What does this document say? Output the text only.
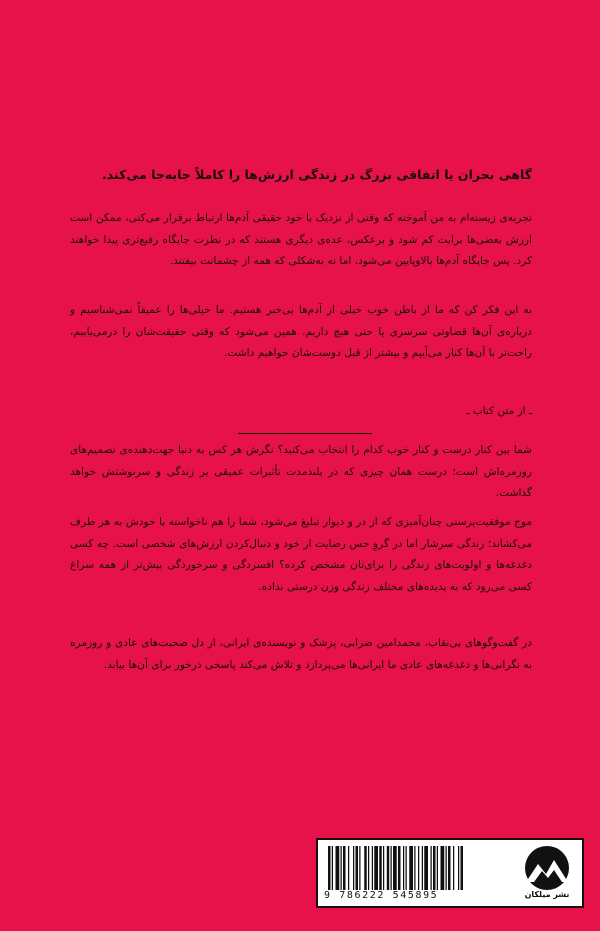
گاهی بحران یا اتفاقی بزرگ در زندگی ارزش‌ها را کاملاً جابه‌جا می‌کند.
تجربه‌ی زیسته‌ام به من آموخته که وقتی از نزدیک با خود حقیقی آدم‌ها ارتباط برقرار می‌کنی، ممکن است ارزش بعضی‌ها برایت کم شود و برعکس، عده‌ی دیگری هستند که در نظرت جایگاه رفیع‌تری پیدا خواهند کرد. پس جایگاه آدم‌ها بالا‌وپایین می‌شود، اما نه به‌شکلی که همه از چشمانت بیفتند.
به این فکر کن که ما از باطن خوب خیلی از آدم‌ها بی‌خبر هستیم. ما خیلی‌ها را عمیقاً نمی‌شناسیم و درباره‌ی آن‌ها قضاوتی سرسری یا حتی هیچ داریم. همین می‌شود که وقتی حقیقت‌شان را درمی‌یابیم، راحت‌تر با آن‌ها کنار می‌آییم و بیشتر از قبل دوست‌شان خواهیم داشت.
ـ از متن کتاب ـ
شما بین کنار درست و کنار خوب کدام را انتخاب می‌کنید؟ نگرش هر کس به دنیا جهت‌دهنده‌ی تصمیم‌های روزمره‌اش است؛ درست همان چیزی که در بلندمدت تأثیرات عمیقی بر زندگی و سرنوشتش خواهد گذاشت.
موج موفقیت‌پرستی چنان‌آمیزی که از در و دیوار تبلیغ می‌شود، شما را هم ناخواسته با خودش به هر طرف می‌کشاند؛ زندگی سرشار اما در گروِ حس رضایت از خود و دنبال‌کردن ارزش‌های شخصی است. چه کسی دغدغه‌ها و اولویت‌های زندگی را برای‌تان مشخص کرده؟ افسردگی و سرخوردگی بیش‌تر از همه سراغ کسی می‌رود که به پدیده‌های مختلف زندگی وزن درستی نداده.
در گفت‌وگوهای بی‌نقاب، محمدامین ضرابی، پزشک و نویسنده‌ی ایرانی، از دل صحبت‌های عادی و روزمره به نگرانی‌ها و دغدغه‌های عادی ما ایرانی‌ها می‌پردازد و تلاش می‌کند پاسخی درخور برای آن‌ها بیابد.
9 786222 545895	نشر میلکان
